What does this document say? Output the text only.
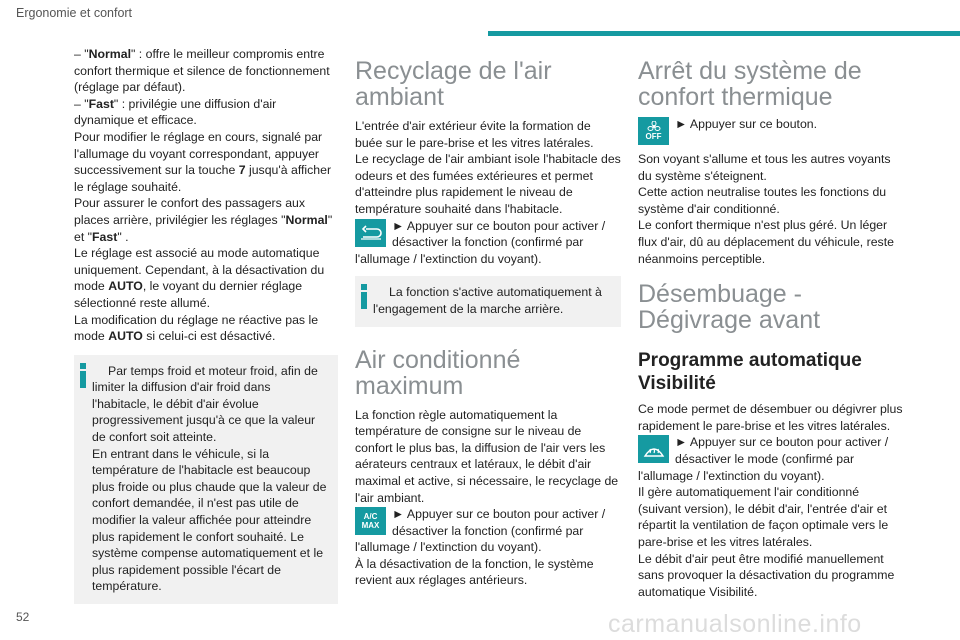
Ergonomie et confort

– "Normal" : offre le meilleur compromis entre confort thermique et silence de fonctionnement (réglage par défaut).

– "Fast" : privilégie une diffusion d'air dynamique et efficace.

Pour modifier le réglage en cours, signalé par l'allumage du voyant correspondant, appuyer successivement sur la touche 7 jusqu'à afficher le réglage souhaité.

Pour assurer le confort des passagers aux places arrière, privilégier les réglages "Normal" et "Fast" .

Le réglage est associé au mode automatique uniquement. Cependant, à la désactivation du mode AUTO, le voyant du dernier réglage sélectionné reste allumé.

La modification du réglage ne réactive pas le mode AUTO si celui-ci est désactivé.

Par temps froid et moteur froid, afin de limiter la diffusion d'air froid dans l'habitacle, le débit d'air évolue progressivement jusqu'à ce que la valeur de confort soit atteinte.

En entrant dans le véhicule, si la température de l'habitacle est beaucoup plus froide ou plus chaude que la valeur de confort demandée, il n'est pas utile de modifier la valeur affichée pour atteindre plus rapidement le confort souhaité. Le système compense automatiquement et le plus rapidement possible l'écart de température.

Recyclage de l'air ambiant

L'entrée d'air extérieur évite la formation de buée sur le pare-brise et les vitres latérales.

Le recyclage de l'air ambiant isole l'habitacle des odeurs et des fumées extérieures et permet d'atteindre plus rapidement le niveau de température souhaité dans l'habitacle.

► Appuyer sur ce bouton pour activer / désactiver la fonction (confirmé par l'allumage / l'extinction du voyant).

La fonction s'active automatiquement à l'engagement de la marche arrière.

Air conditionné maximum

La fonction règle automatiquement la température de consigne sur le niveau de confort le plus bas, la diffusion de l'air vers les aérateurs centraux et latéraux, le débit d'air maximal et active, si nécessaire, le recyclage de l'air ambiant.

A/C
MAX
► Appuyer sur ce bouton pour activer / désactiver la fonction (confirmé par l'allumage / l'extinction du voyant).

À la désactivation de la fonction, le système revient aux réglages antérieurs.

Arrêt du système de confort thermique
OFF
► Appuyer sur ce bouton.

Son voyant s'allume et tous les autres voyants du système s'éteignent.

Cette action neutralise toutes les fonctions du système d'air conditionné.

Le confort thermique n'est plus géré. Un léger flux d'air, dû au déplacement du véhicule, reste néanmoins perceptible.

Désembuage - Dégivrage avant
Programme automatique Visibilité

Ce mode permet de désembuer ou dégivrer plus rapidement le pare-brise et les vitres latérales.

► Appuyer sur ce bouton pour activer / désactiver le mode (confirmé par l'allumage / l'extinction du voyant).

Il gère automatiquement l'air conditionné (suivant version), le débit d'air, l'entrée d'air et répartit la ventilation de façon optimale vers le pare-brise et les vitres latérales.

Le débit d'air peut être modifié manuellement sans provoquer la désactivation du programme automatique Visibilité.

52	carmanualsonline.info
